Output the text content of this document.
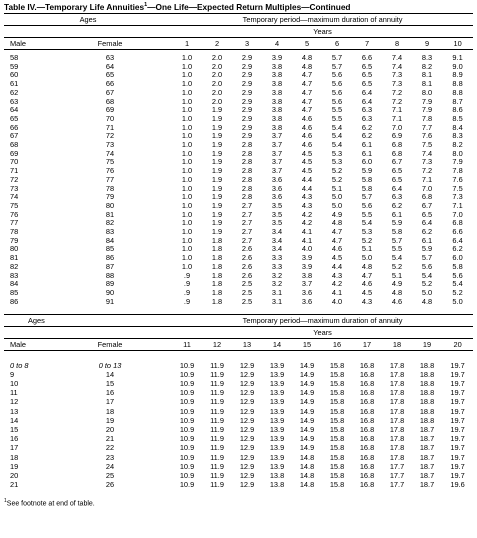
Table IV.—Temporary Life Annuities$^1$—One Life—Expected Return Multiples—Continued
Ages		Temporary period—maximum duration of annuity									
		Years									
Male	Female	1	2	3	4	5	6	7	8	9	10

58	63	1.0	2.0	2.9	3.9	4.8	5.7	6.6	7.4	8.3	9.1
59	64	1.0	2.0	2.9	3.8	4.8	5.7	6.5	7.4	8.2	9.0
60	65	1.0	2.0	2.9	3.8	4.7	5.6	6.5	7.3	8.1	8.9
61	66	1.0	2.0	2.9	3.8	4.7	5.6	6.5	7.3	8.1	8.8
62	67	1.0	2.0	2.9	3.8	4.7	5.6	6.4	7.2	8.0	8.8
63	68	1.0	2.0	2.9	3.8	4.7	5.6	6.4	7.2	7.9	8.7
64	69	1.0	1.9	2.9	3.8	4.7	5.5	6.3	7.1	7.9	8.6
65	70	1.0	1.9	2.9	3.8	4.6	5.5	6.3	7.1	7.8	8.5
66	71	1.0	1.9	2.9	3.8	4.6	5.4	6.2	7.0	7.7	8.4
67	72	1.0	1.9	2.9	3.7	4.6	5.4	6.2	6.9	7.6	8.3
68	73	1.0	1.9	2.8	3.7	4.6	5.4	6.1	6.8	7.5	8.2
69	74	1.0	1.9	2.8	3.7	4.5	5.3	6.1	6.8	7.4	8.0
70	75	1.0	1.9	2.8	3.7	4.5	5.3	6.0	6.7	7.3	7.9
71	76	1.0	1.9	2.8	3.7	4.5	5.2	5.9	6.5	7.2	7.8
72	77	1.0	1.9	2.8	3.6	4.4	5.2	5.8	6.5	7.1	7.6
73	78	1.0	1.9	2.8	3.6	4.4	5.1	5.8	6.4	7.0	7.5
74	79	1.0	1.9	2.8	3.6	4.3	5.0	5.7	6.3	6.8	7.3
75	80	1.0	1.9	2.7	3.5	4.3	5.0	5.6	6.2	6.7	7.1
76	81	1.0	1.9	2.7	3.5	4.2	4.9	5.5	6.1	6.5	7.0
77	82	1.0	1.9	2.7	3.5	4.2	4.8	5.4	5.9	6.4	6.8
78	83	1.0	1.9	2.7	3.4	4.1	4.7	5.3	5.8	6.2	6.6
79	84	1.0	1.8	2.7	3.4	4.1	4.7	5.2	5.7	6.1	6.4
80	85	1.0	1.8	2.6	3.4	4.0	4.6	5.1	5.5	5.9	6.2
81	86	1.0	1.8	2.6	3.3	3.9	4.5	5.0	5.4	5.7	6.0
82	87	1.0	1.8	2.6	3.3	3.9	4.4	4.8	5.2	5.6	5.8
83	88	.9	1.8	2.6	3.2	3.8	4.3	4.7	5.1	5.4	5.6
84	89	.9	1.8	2.5	3.2	3.7	4.2	4.6	4.9	5.2	5.4
85	90	.9	1.8	2.5	3.1	3.6	4.1	4.5	4.8	5.0	5.2
86	91	.9	1.8	2.5	3.1	3.6	4.0	4.3	4.6	4.8	5.0
Ages		Temporary period—maximum duration of annuity									
		Years									
Male	Female	11	12	13	14	15	16	17	18	19	20

0 to 8	0 to 13	10.9	11.9	12.9	13.9	14.9	15.8	16.8	17.8	18.8	19.7
9	14	10.9	11.9	12.9	13.9	14.9	15.8	16.8	17.8	18.8	19.7
10	15	10.9	11.9	12.9	13.9	14.9	15.8	16.8	17.8	18.8	19.7
11	16	10.9	11.9	12.9	13.9	14.9	15.8	16.8	17.8	18.8	19.7
12	17	10.9	11.9	12.9	13.9	14.9	15.8	16.8	17.8	18.8	19.7
13	18	10.9	11.9	12.9	13.9	14.9	15.8	16.8	17.8	18.8	19.7
14	19	10.9	11.9	12.9	13.9	14.9	15.8	16.8	17.8	18.8	19.7
15	20	10.9	11.9	12.9	13.9	14.9	15.8	16.8	17.8	18.7	19.7
16	21	10.9	11.9	12.9	13.9	14.9	15.8	16.8	17.8	18.7	19.7
17	22	10.9	11.9	12.9	13.9	14.9	15.8	16.8	17.8	18.7	19.7
18	23	10.9	11.9	12.9	13.9	14.8	15.8	16.8	17.8	18.7	19.7
19	24	10.9	11.9	12.9	13.9	14.8	15.8	16.8	17.7	18.7	19.7
20	25	10.9	11.9	12.9	13.8	14.8	15.8	16.8	17.7	18.7	19.7
21	26	10.9	11.9	12.9	13.8	14.8	15.8	16.8	17.7	18.7	19.6
$^1$See footnote at end of table.
